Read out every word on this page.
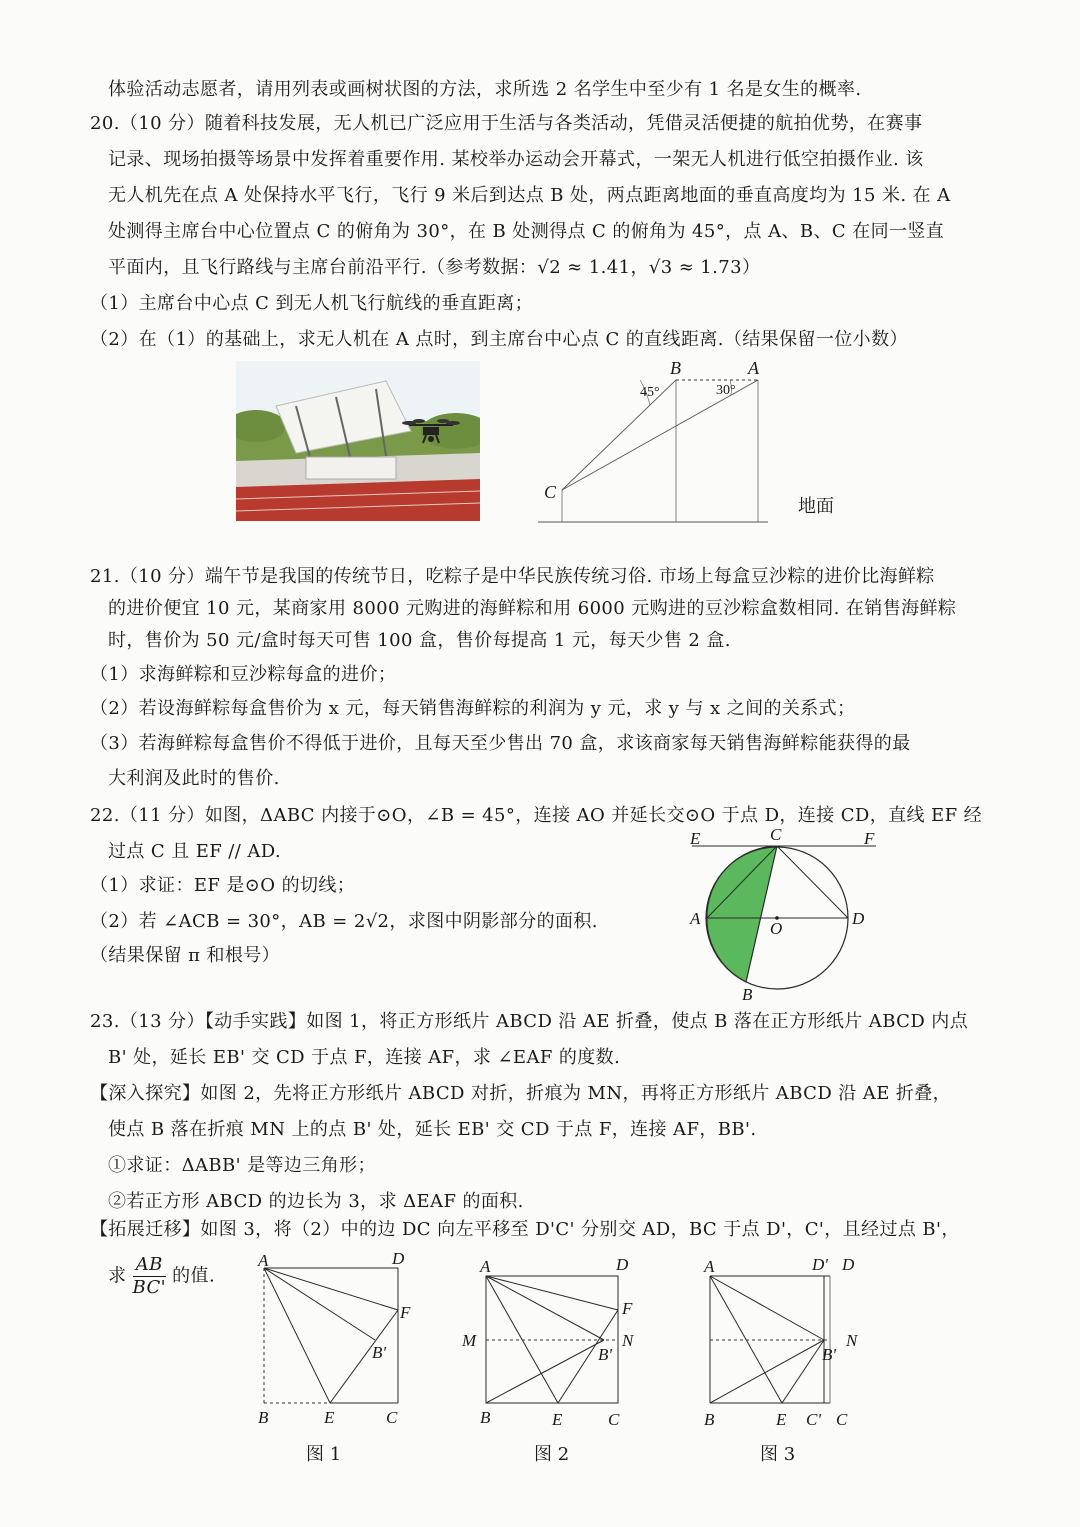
体验活动志愿者，请用列表或画树状图的方法，求所选 2 名学生中至少有 1 名是女生的概率.
20.（10 分）随着科技发展，无人机已广泛应用于生活与各类活动，凭借灵活便捷的航拍优势，在赛事
记录、现场拍摄等场景中发挥着重要作用. 某校举办运动会开幕式，一架无人机进行低空拍摄作业. 该
无人机先在点 A 处保持水平飞行，飞行 9 米后到达点 B 处，两点距离地面的垂直高度均为 15 米. 在 A
处测得主席台中心位置点 C 的俯角为 30°，在 B 处测得点 C 的俯角为 45°，点 A、B、C 在同一竖直
平面内，且飞行路线与主席台前沿平行.（参考数据：√2 ≈ 1.41，√3 ≈ 1.73）
（1）主席台中心点 C 到无人机飞行航线的垂直距离；
（2）在（1）的基础上，求无人机在 A 点时，到主席台中心点 C 的直线距离.（结果保留一位小数）
B	A
C
45°	30°
地面
21.（10 分）端午节是我国的传统节日，吃粽子是中华民族传统习俗. 市场上每盒豆沙粽的进价比海鲜粽
的进价便宜 10 元，某商家用 8000 元购进的海鲜粽和用 6000 元购进的豆沙粽盒数相同. 在销售海鲜粽
时，售价为 50 元/盒时每天可售 100 盒，售价每提高 1 元，每天少售 2 盒.
（1）求海鲜粽和豆沙粽每盒的进价；
（2）若设海鲜粽每盒售价为 x 元，每天销售海鲜粽的利润为 y 元，求 y 与 x 之间的关系式；
（3）若海鲜粽每盒售价不得低于进价，且每天至少售出 70 盒，求该商家每天销售海鲜粽能获得的最
大利润及此时的售价.
22.（11 分）如图，ΔABC 内接于⊙O，∠B = 45°，连接 AO 并延长交⊙O 于点 D，连接 CD，直线 EF 经
过点 C 且 EF // AD.
（1）求证：EF 是⊙O 的切线；
（2）若 ∠ACB = 30°，AB = 2√2，求图中阴影部分的面积.
（结果保留 π 和根号）
E	C	F
A
O
D
B
23.（13 分）【动手实践】如图 1，将正方形纸片 ABCD 沿 AE 折叠，使点 B 落在正方形纸片 ABCD 内点
B' 处，延长 EB' 交 CD 于点 F，连接 AF，求 ∠EAF 的度数.
【深入探究】如图 2，先将正方形纸片 ABCD 对折，折痕为 MN，再将正方形纸片 ABCD 沿 AE 折叠，
使点 B 落在折痕 MN 上的点 B' 处，延长 EB' 交 CD 于点 F，连接 AF，BB'.
①求证：ΔABB' 是等边三角形；
②若正方形 ABCD 的边长为 3，求 ΔEAF 的面积.
【拓展迁移】如图 3，将（2）中的边 DC 向左平移至 D'C' 分别交 AD，BC 于点 D'，C'，且经过点 B'，
求 $\frac{AB}{BC'}$ 的值.
A	D
F
B'
B	E	C
A	D
F
M	N
B'
B	E	C
A	D' D
N
B'
B	E C' C
图 1	图 2	图 3
